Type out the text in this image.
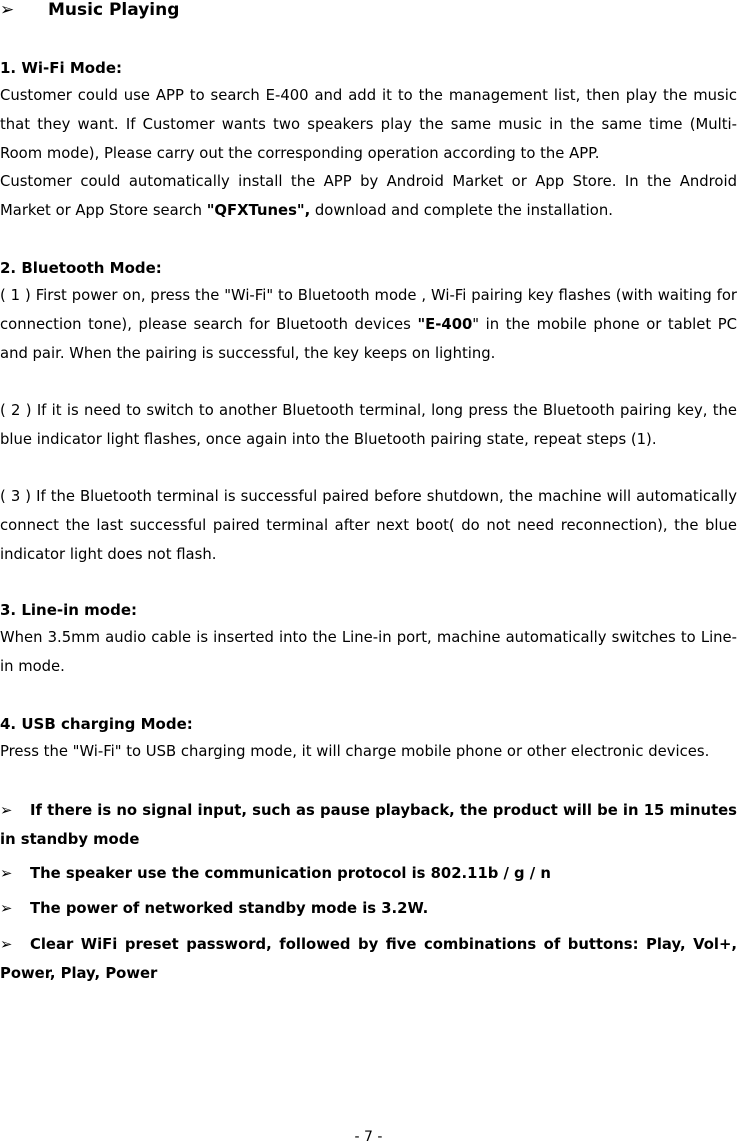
➢ Music Playing
1. Wi-Fi Mode:
Customer could use APP to search E-400 and add it to the management list, then play the music that they want. If Customer wants two speakers play the same music in the same time (Multi-Room mode), Please carry out the corresponding operation according to the APP.
Customer could automatically install the APP by Android Market or App Store. In the Android Market or App Store search "QFXTunes", download and complete the installation.
2. Bluetooth Mode:
( 1 ) First power on, press the "Wi-Fi" to Bluetooth mode , Wi-Fi pairing key flashes (with waiting for connection tone), please search for Bluetooth devices "E-400" in the mobile phone or tablet PC and pair. When the pairing is successful, the key keeps on lighting.
( 2 ) If it is need to switch to another Bluetooth terminal, long press the Bluetooth pairing key, the blue indicator light flashes, once again into the Bluetooth pairing state, repeat steps (1).
( 3 ) If the Bluetooth terminal is successful paired before shutdown, the machine will automatically connect the last successful paired terminal after next boot( do not need reconnection), the blue indicator light does not flash.
3. Line-in mode:
When 3.5mm audio cable is inserted into the Line-in port, machine automatically switches to Line-in mode.
4. USB charging Mode:
Press the "Wi-Fi" to USB charging mode, it will charge mobile phone or other electronic devices.
➢ If there is no signal input, such as pause playback, the product will be in 15 minutes in standby mode
➢ The speaker use the communication protocol is 802.11b / g / n
➢ The power of networked standby mode is 3.2W.
➢ Clear WiFi preset password, followed by five combinations of buttons: Play, Vol+, Power, Play, Power
- 7 -
